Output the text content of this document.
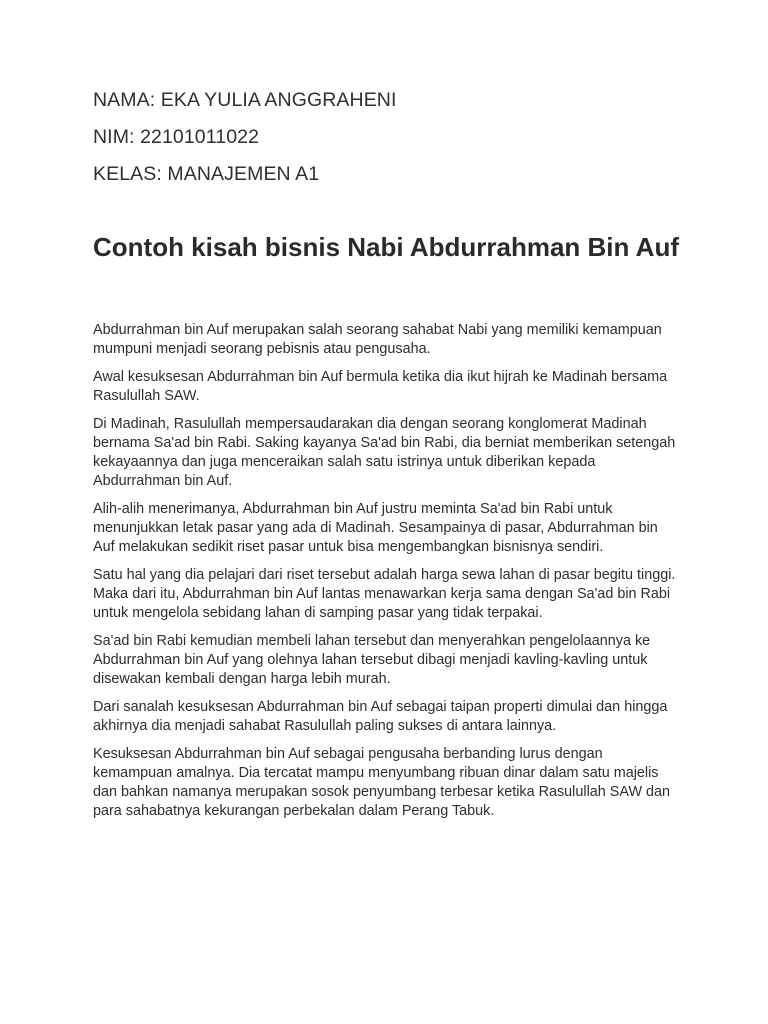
NAMA: EKA YULIA ANGGRAHENI

NIM: 22101011022

KELAS: MANAJEMEN A1

Contoh kisah bisnis Nabi Abdurrahman Bin Auf

Abdurrahman bin Auf merupakan salah seorang sahabat Nabi yang memiliki kemampuan mumpuni menjadi seorang pebisnis atau pengusaha.

Awal kesuksesan Abdurrahman bin Auf bermula ketika dia ikut hijrah ke Madinah bersama Rasulullah SAW.

Di Madinah, Rasulullah mempersaudarakan dia dengan seorang konglomerat Madinah bernama Sa'ad bin Rabi. Saking kayanya Sa'ad bin Rabi, dia berniat memberikan setengah kekayaannya dan juga menceraikan salah satu istrinya untuk diberikan kepada Abdurrahman bin Auf.

Alih-alih menerimanya, Abdurrahman bin Auf justru meminta Sa'ad bin Rabi untuk menunjukkan letak pasar yang ada di Madinah. Sesampainya di pasar, Abdurrahman bin Auf melakukan sedikit riset pasar untuk bisa mengembangkan bisnisnya sendiri.

Satu hal yang dia pelajari dari riset tersebut adalah harga sewa lahan di pasar begitu tinggi. Maka dari itu, Abdurrahman bin Auf lantas menawarkan kerja sama dengan Sa'ad bin Rabi untuk mengelola sebidang lahan di samping pasar yang tidak terpakai.

Sa'ad bin Rabi kemudian membeli lahan tersebut dan menyerahkan pengelolaannya ke Abdurrahman bin Auf yang olehnya lahan tersebut dibagi menjadi kavling-kavling untuk disewakan kembali dengan harga lebih murah.

Dari sanalah kesuksesan Abdurrahman bin Auf sebagai taipan properti dimulai dan hingga akhirnya dia menjadi sahabat Rasulullah paling sukses di antara lainnya.

Kesuksesan Abdurrahman bin Auf sebagai pengusaha berbanding lurus dengan kemampuan amalnya. Dia tercatat mampu menyumbang ribuan dinar dalam satu majelis dan bahkan namanya merupakan sosok penyumbang terbesar ketika Rasulullah SAW dan para sahabatnya kekurangan perbekalan dalam Perang Tabuk.
